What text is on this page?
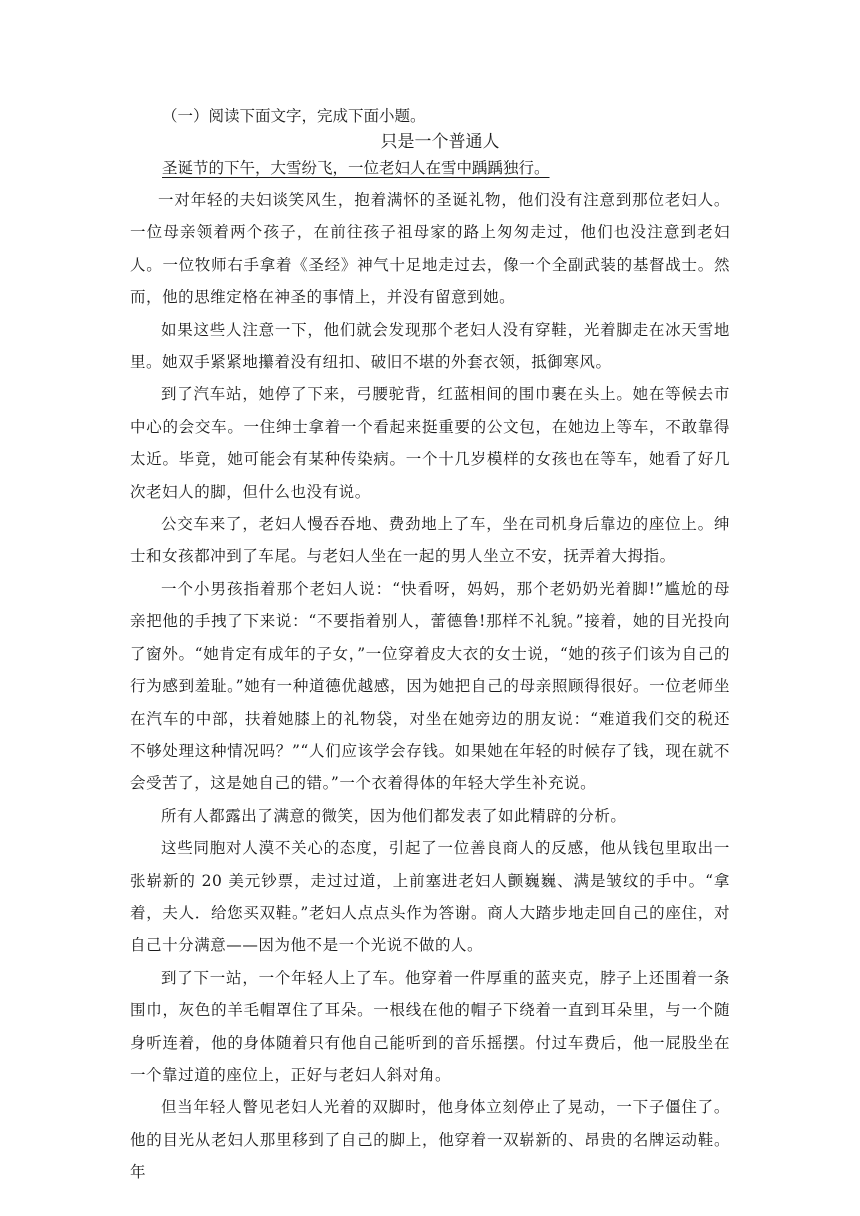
（一）阅读下面文字，完成下面小题。

只是一个普通人

圣诞节的下午，大雪纷飞，一位老妇人在雪中踽踽独行。

一对年轻的夫妇谈笑风生，抱着满怀的圣诞礼物，他们没有注意到那位老妇人。一位母亲领着两个孩子，在前往孩子祖母家的路上匆匆走过，他们也没注意到老妇人。一位牧师右手拿着《圣经》神气十足地走过去，像一个全副武装的基督战士。然而，他的思维定格在神圣的事情上，并没有留意到她。

如果这些人注意一下，他们就会发现那个老妇人没有穿鞋，光着脚走在冰天雪地里。她双手紧紧地攥着没有纽扣、破旧不堪的外套衣领，抵御寒风。

到了汽车站，她停了下来，弓腰驼背，红蓝相间的围巾裹在头上。她在等候去市中心的会交车。一住绅士拿着一个看起来挺重要的公文包，在她边上等车，不敢靠得太近。毕竟，她可能会有某种传染病。一个十几岁模样的女孩也在等车，她看了好几次老妇人的脚，但什么也没有说。

公交车来了，老妇人慢吞吞地、费劲地上了车，坐在司机身后靠边的座位上。绅士和女孩都冲到了车尾。与老妇人坐在一起的男人坐立不安，抚弄着大拇指。

一个小男孩指着那个老妇人说：“快看呀，妈妈，那个老奶奶光着脚!”尴尬的母亲把他的手拽了下来说：“不要指着别人，蕾德鲁!那样不礼貌。”接着，她的目光投向了窗外。“她肯定有成年的子女，”一位穿着皮大衣的女士说，“她的孩子们该为自己的行为感到羞耻。”她有一种道德优越感，因为她把自己的母亲照顾得很好。一位老师坐在汽车的中部，扶着她膝上的礼物袋，对坐在她旁边的朋友说：“难道我们交的税还不够处理这种情况吗？”“人们应该学会存钱。如果她在年轻的时候存了钱，现在就不会受苦了，这是她自己的错。”一个衣着得体的年轻大学生补充说。

所有人都露出了满意的微笑，因为他们都发表了如此精辟的分析。

这些同胞对人漠不关心的态度，引起了一位善良商人的反感，他从钱包里取出一张崭新的 20 美元钞票，走过过道，上前塞进老妇人颤巍巍、满是皱纹的手中。“拿着，夫人．给您买双鞋。”老妇人点点头作为答谢。商人大踏步地走回自己的座住，对自己十分满意——因为他不是一个光说不做的人。

到了下一站，一个年轻人上了车。他穿着一件厚重的蓝夹克，脖子上还围着一条围巾，灰色的羊毛帽罩住了耳朵。一根线在他的帽子下绕着一直到耳朵里，与一个随身听连着，他的身体随着只有他自己能听到的音乐摇摆。付过车费后，他一屁股坐在一个靠过道的座位上，正好与老妇人斜对角。

但当年轻人瞥见老妇人光着的双脚时，他身体立刻停止了晃动，一下子僵住了。他的目光从老妇人那里移到了自己的脚上，他穿着一双崭新的、昂贵的名牌运动鞋。年
